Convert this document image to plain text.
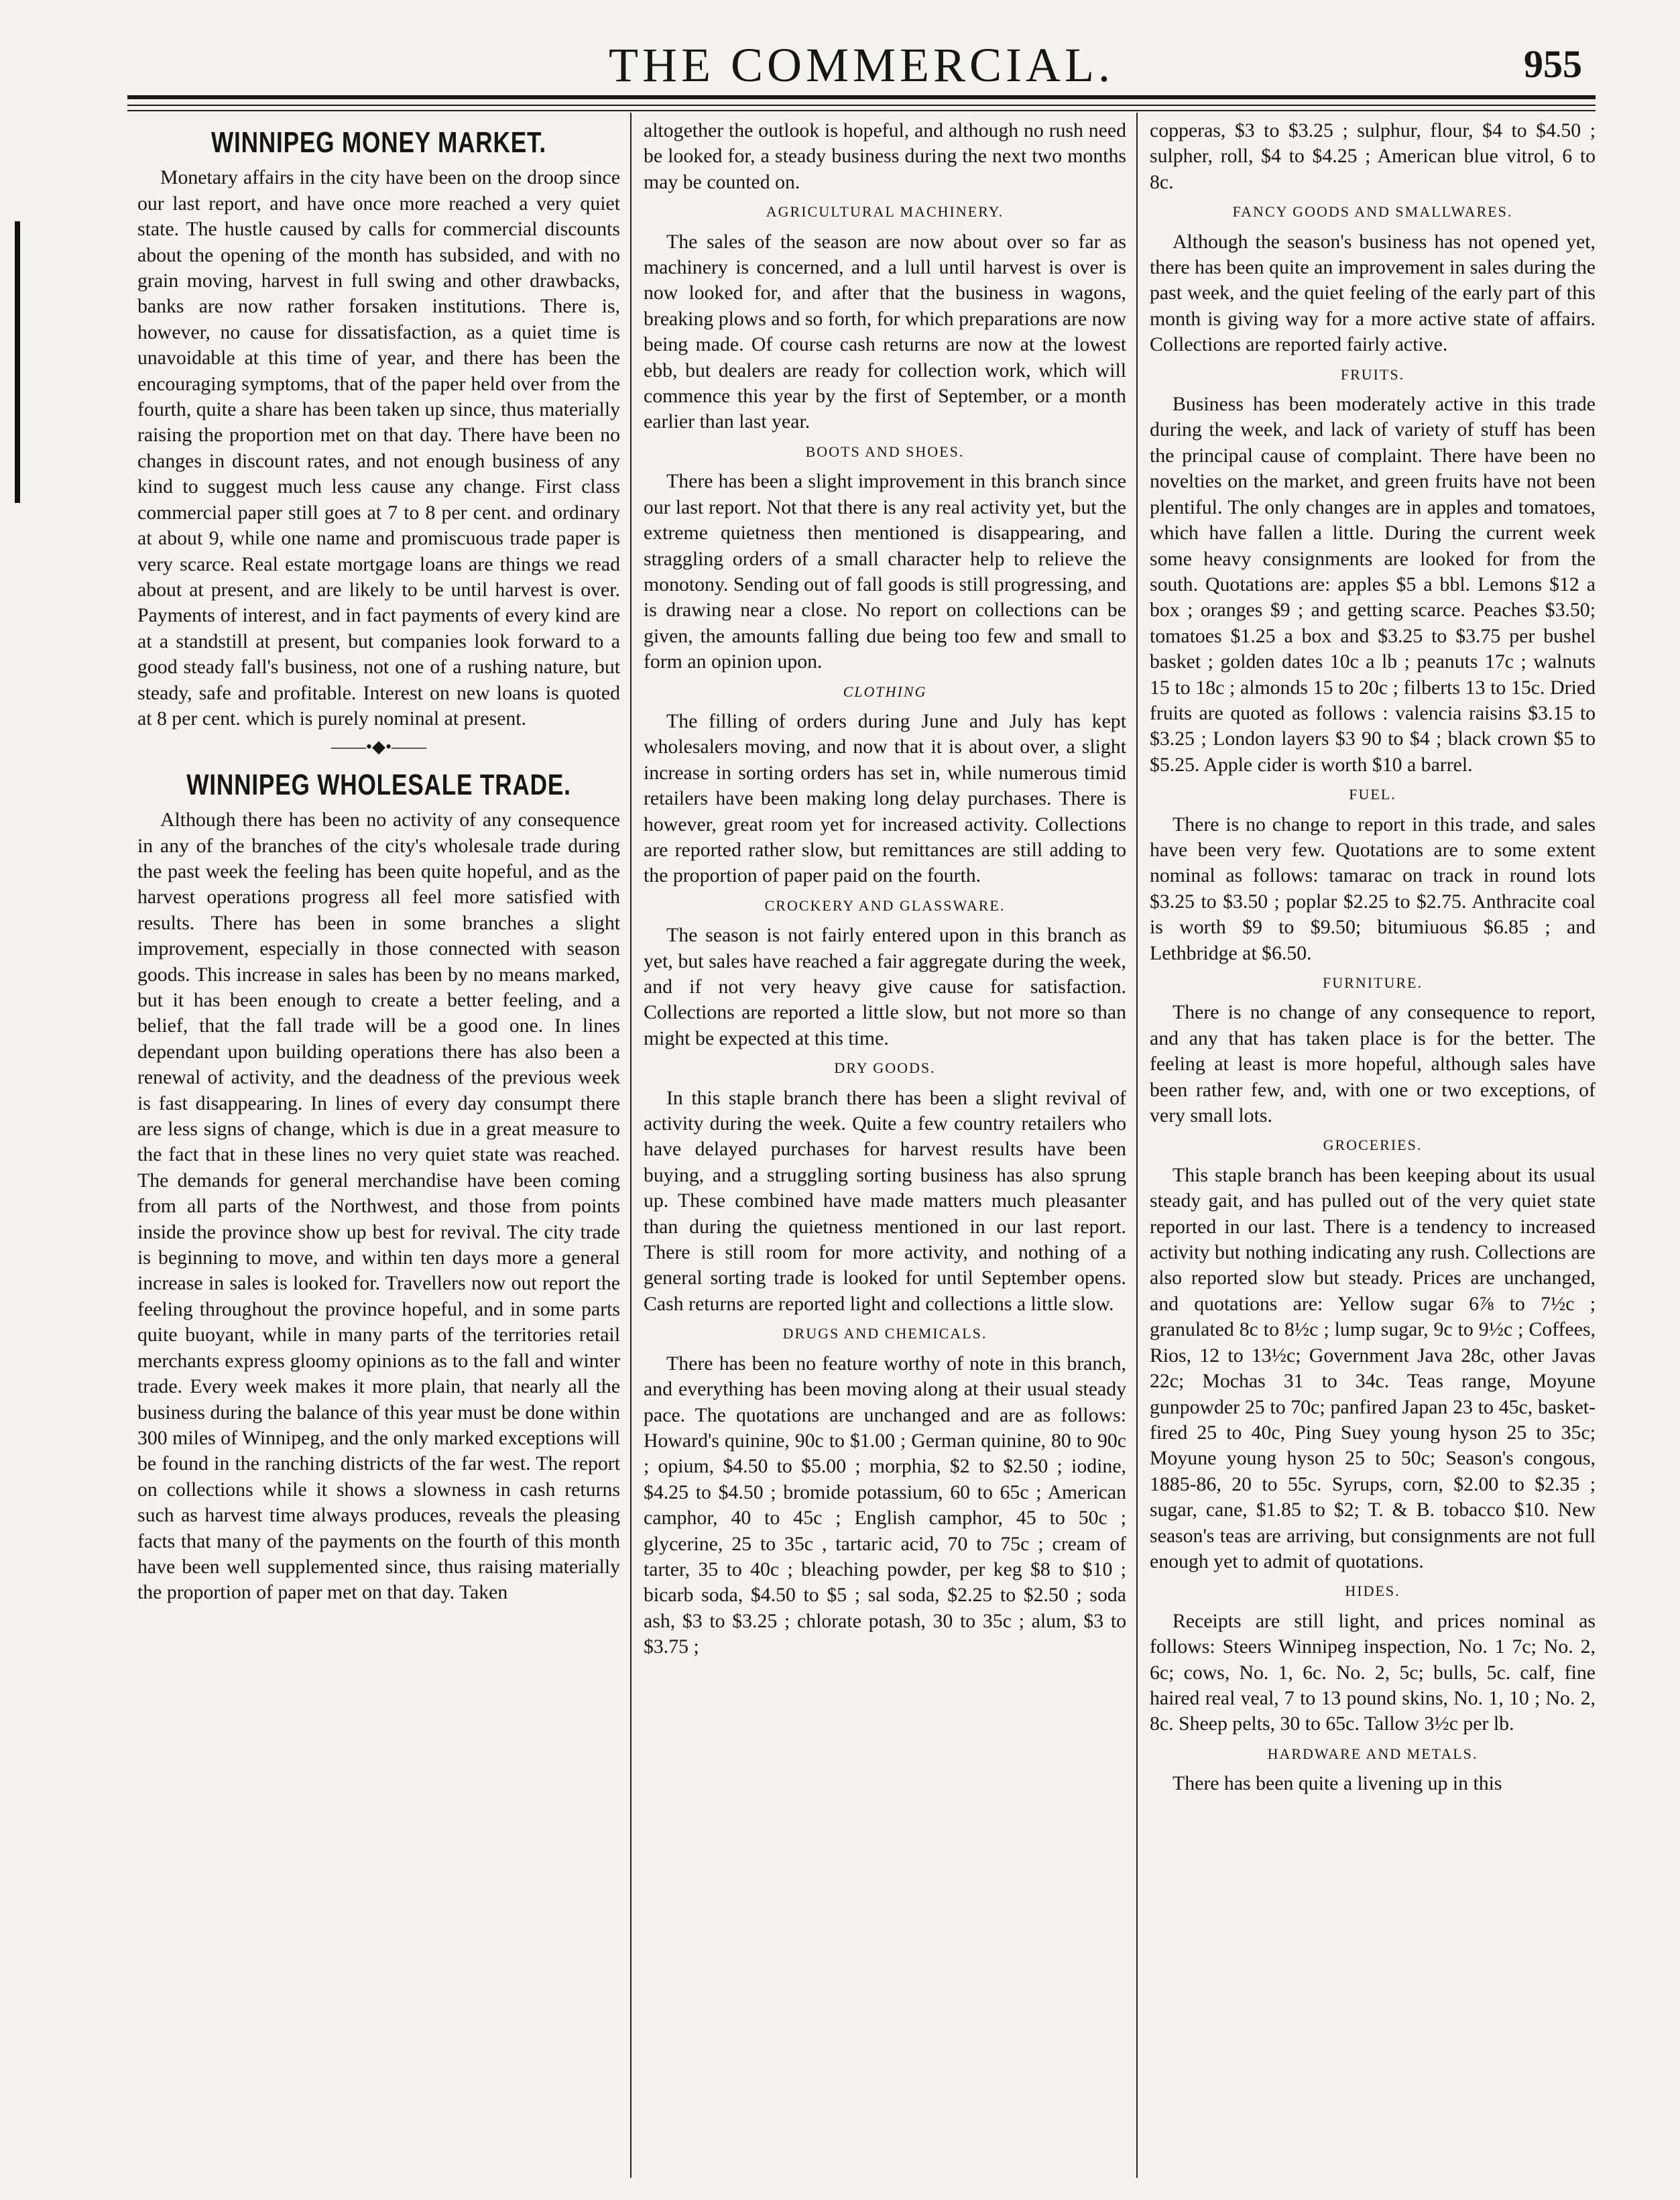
THE COMMERCIAL.	955
WINNIPEG MONEY MARKET.

Monetary affairs in the city have been on the droop since our last report, and have once more reached a very quiet state. The hustle caused by calls for commercial discounts about the opening of the month has subsided, and with no grain moving, harvest in full swing and other drawbacks, banks are now rather forsaken institutions. There is, however, no cause for dissatisfaction, as a quiet time is unavoidable at this time of year, and there has been the encouraging symptoms, that of the paper held over from the fourth, quite a share has been taken up since, thus materially raising the proportion met on that day. There have been no changes in discount rates, and not enough business of any kind to suggest much less cause any change. First class commercial paper still goes at 7 to 8 per cent. and ordinary at about 9, while one name and promiscuous trade paper is very scarce. Real estate mortgage loans are things we read about at present, and are likely to be until harvest is over. Payments of interest, and in fact payments of every kind are at a standstill at present, but companies look forward to a good steady fall's business, not one of a rushing nature, but steady, safe and profitable. Interest on new loans is quoted at 8 per cent. which is purely nominal at present.

——•◆•——
WINNIPEG WHOLESALE TRADE.

Although there has been no activity of any consequence in any of the branches of the city's wholesale trade during the past week the feeling has been quite hopeful, and as the harvest operations progress all feel more satisfied with results. There has been in some branches a slight improvement, especially in those connected with season goods. This increase in sales has been by no means marked, but it has been enough to create a better feeling, and a belief, that the fall trade will be a good one. In lines dependant upon building operations there has also been a renewal of activity, and the deadness of the previous week is fast disappearing. In lines of every day consumpt there are less signs of change, which is due in a great measure to the fact that in these lines no very quiet state was reached. The demands for general merchandise have been coming from all parts of the Northwest, and those from points inside the province show up best for revival. The city trade is beginning to move, and within ten days more a general increase in sales is looked for. Travellers now out report the feeling throughout the province hopeful, and in some parts quite buoyant, while in many parts of the territories retail merchants express gloomy opinions as to the fall and winter trade. Every week makes it more plain, that nearly all the business during the balance of this year must be done within 300 miles of Winnipeg, and the only marked exceptions will be found in the ranching districts of the far west. The report on collections while it shows a slowness in cash returns such as harvest time always produces, reveals the pleasing facts that many of the payments on the fourth of this month have been well supplemented since, thus raising materially the proportion of paper met on that day. Taken

altogether the outlook is hopeful, and although no rush need be looked for, a steady business during the next two months may be counted on.

AGRICULTURAL MACHINERY.

The sales of the season are now about over so far as machinery is concerned, and a lull until harvest is over is now looked for, and after that the business in wagons, breaking plows and so forth, for which preparations are now being made. Of course cash returns are now at the lowest ebb, but dealers are ready for collection work, which will commence this year by the first of September, or a month earlier than last year.

BOOTS AND SHOES.

There has been a slight improvement in this branch since our last report. Not that there is any real activity yet, but the extreme quietness then mentioned is disappearing, and straggling orders of a small character help to relieve the monotony. Sending out of fall goods is still progressing, and is drawing near a close. No report on collections can be given, the amounts falling due being too few and small to form an opinion upon.

CLOTHING

The filling of orders during June and July has kept wholesalers moving, and now that it is about over, a slight increase in sorting orders has set in, while numerous timid retailers have been making long delay purchases. There is however, great room yet for increased activity. Collections are reported rather slow, but remittances are still adding to the proportion of paper paid on the fourth.

CROCKERY AND GLASSWARE.

The season is not fairly entered upon in this branch as yet, but sales have reached a fair aggregate during the week, and if not very heavy give cause for satisfaction. Collections are reported a little slow, but not more so than might be expected at this time.

DRY GOODS.

In this staple branch there has been a slight revival of activity during the week. Quite a few country retailers who have delayed purchases for harvest results have been buying, and a struggling sorting business has also sprung up. These combined have made matters much pleasanter than during the quietness mentioned in our last report. There is still room for more activity, and nothing of a general sorting trade is looked for until September opens. Cash returns are reported light and collections a little slow.

DRUGS AND CHEMICALS.

There has been no feature worthy of note in this branch, and everything has been moving along at their usual steady pace. The quotations are unchanged and are as follows: Howard's quinine, 90c to $1.00 ; German quinine, 80 to 90c ; opium, $4.50 to $5.00 ; morphia, $2 to $2.50 ; iodine, $4.25 to $4.50 ; bromide potassium, 60 to 65c ; American camphor, 40 to 45c ; English camphor, 45 to 50c ; glycerine, 25 to 35c , tartaric acid, 70 to 75c ; cream of tarter, 35 to 40c ; bleaching powder, per keg $8 to $10 ; bicarb soda, $4.50 to $5 ; sal soda, $2.25 to $2.50 ; soda ash, $3 to $3.25 ; chlorate potash, 30 to 35c ; alum, $3 to $3.75 ;

copperas, $3 to $3.25 ; sulphur, flour, $4 to $4.50 ; sulpher, roll, $4 to $4.25 ; American blue vitrol, 6 to 8c.

FANCY GOODS AND SMALLWARES.

Although the season's business has not opened yet, there has been quite an improvement in sales during the past week, and the quiet feeling of the early part of this month is giving way for a more active state of affairs. Collections are reported fairly active.

FRUITS.

Business has been moderately active in this trade during the week, and lack of variety of stuff has been the principal cause of complaint. There have been no novelties on the market, and green fruits have not been plentiful. The only changes are in apples and tomatoes, which have fallen a little. During the current week some heavy consignments are looked for from the south. Quotations are: apples $5 a bbl. Lemons $12 a box ; oranges $9 ; and getting scarce. Peaches $3.50; tomatoes $1.25 a box and $3.25 to $3.75 per bushel basket ; golden dates 10c a lb ; peanuts 17c ; walnuts 15 to 18c ; almonds 15 to 20c ; filberts 13 to 15c. Dried fruits are quoted as follows : valencia raisins $3.15 to $3.25 ; London layers $3 90 to $4 ; black crown $5 to $5.25. Apple cider is worth $10 a barrel.

FUEL.

There is no change to report in this trade, and sales have been very few. Quotations are to some extent nominal as follows: tamarac on track in round lots $3.25 to $3.50 ; poplar $2.25 to $2.75. Anthracite coal is worth $9 to $9.50; bitumiuous $6.85 ; and Lethbridge at $6.50.

FURNITURE.

There is no change of any consequence to report, and any that has taken place is for the better. The feeling at least is more hopeful, although sales have been rather few, and, with one or two exceptions, of very small lots.

GROCERIES.

This staple branch has been keeping about its usual steady gait, and has pulled out of the very quiet state reported in our last. There is a tendency to increased activity but nothing indicating any rush. Collections are also reported slow but steady. Prices are unchanged, and quotations are: Yellow sugar 6⅞ to 7½c ; granulated 8c to 8½c ; lump sugar, 9c to 9½c ; Coffees, Rios, 12 to 13½c; Government Java 28c, other Javas 22c; Mochas 31 to 34c. Teas range, Moyune gunpowder 25 to 70c; panfired Japan 23 to 45c, basket-fired 25 to 40c, Ping Suey young hyson 25 to 35c; Moyune young hyson 25 to 50c; Season's congous, 1885-86, 20 to 55c. Syrups, corn, $2.00 to $2.35 ; sugar, cane, $1.85 to $2; T. & B. tobacco $10. New season's teas are arriving, but consignments are not full enough yet to admit of quotations.

HIDES.

Receipts are still light, and prices nominal as follows: Steers Winnipeg inspection, No. 1 7c; No. 2, 6c; cows, No. 1, 6c. No. 2, 5c; bulls, 5c. calf, fine haired real veal, 7 to 13 pound skins, No. 1, 10 ; No. 2, 8c. Sheep pelts, 30 to 65c. Tallow 3½c per lb.

HARDWARE AND METALS.

There has been quite a livening up in this
